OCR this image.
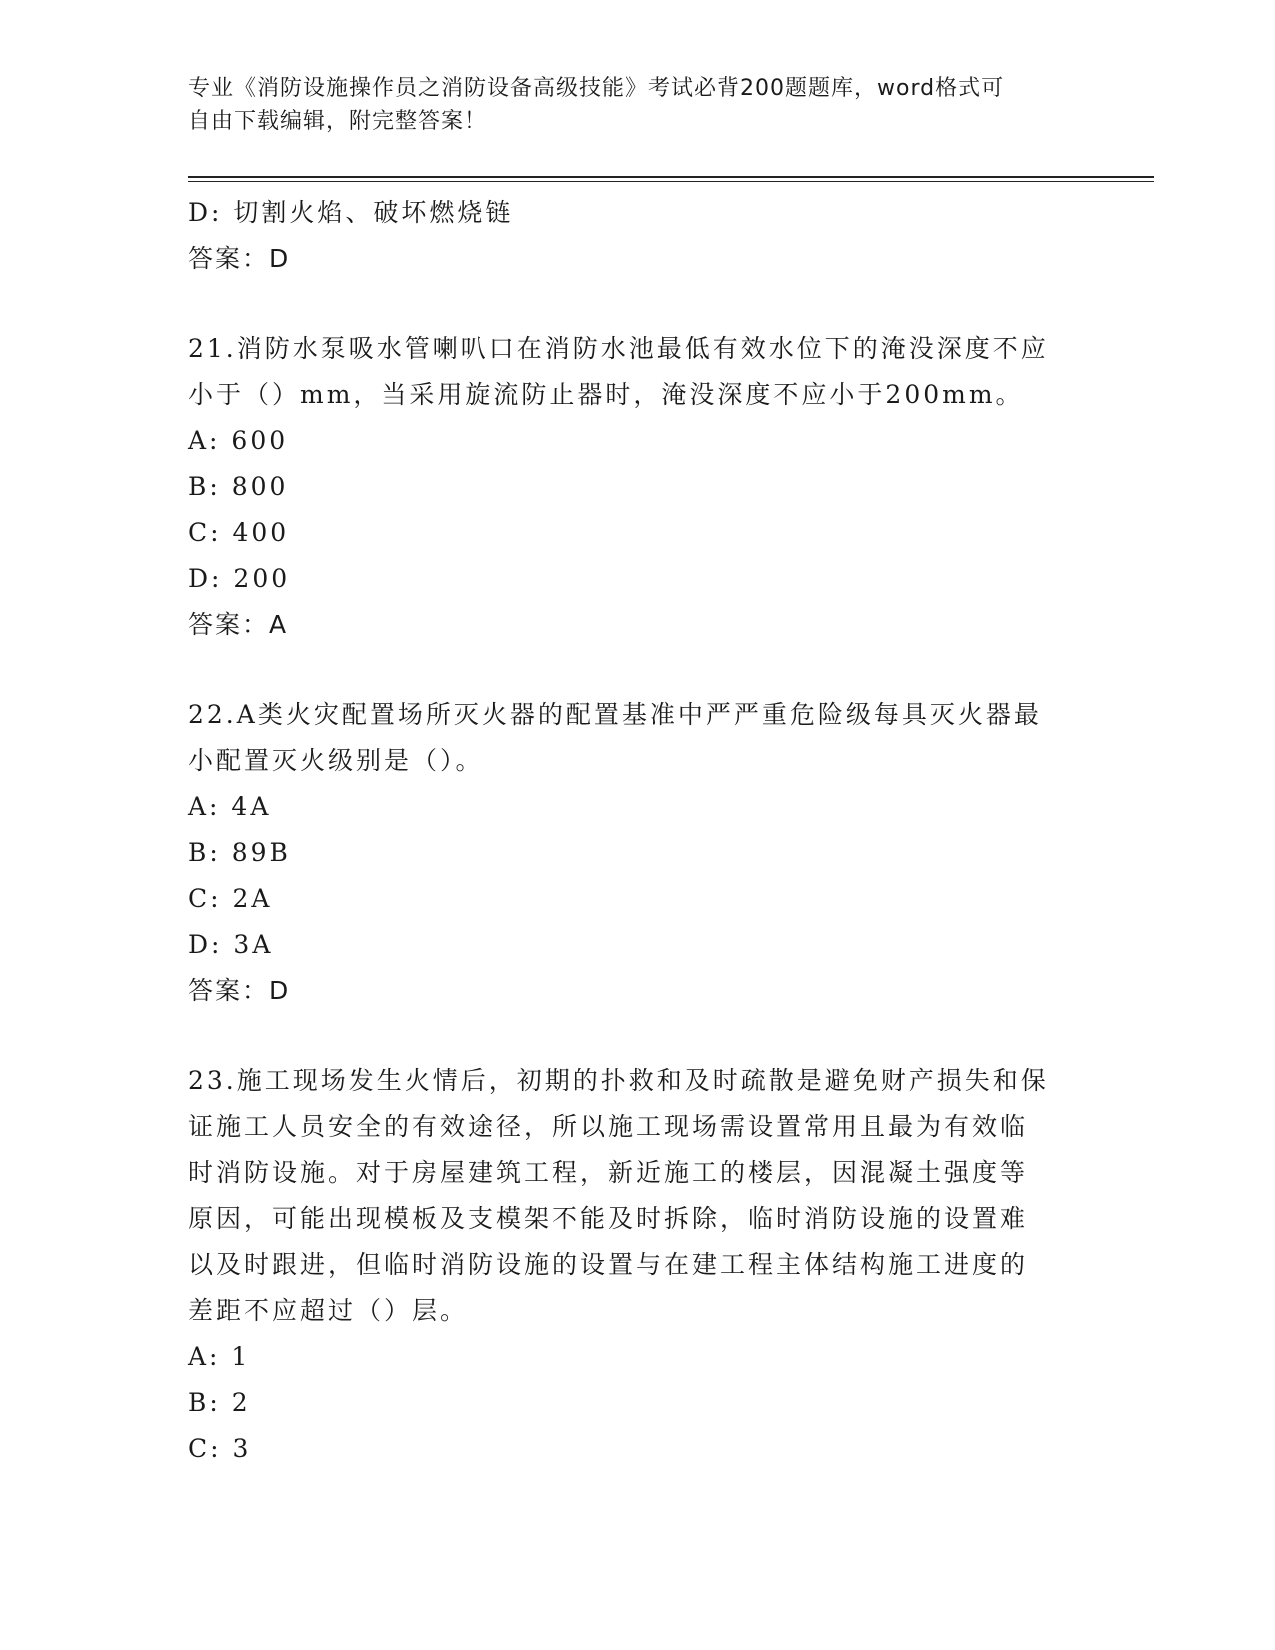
专业《消防设施操作员之消防设备高级技能》考试必背200题题库，word格式可
自由下载编辑，附完整答案！
D: 切割火焰、破坏燃烧链
答案：D
21.消防水泵吸水管喇叭口在消防水池最低有效水位下的淹没深度不应
小于（）mm，当采用旋流防止器时，淹没深度不应小于200mm。
A: 600
B: 800
C: 400
D: 200
答案：A
22.A类火灾配置场所灭火器的配置基准中严严重危险级每具灭火器最
小配置灭火级别是（）。
A: 4A
B: 89B
C: 2A
D: 3A
答案：D
23.施工现场发生火情后，初期的扑救和及时疏散是避免财产损失和保
证施工人员安全的有效途径，所以施工现场需设置常用且最为有效临
时消防设施。对于房屋建筑工程，新近施工的楼层，因混凝土强度等
原因，可能出现模板及支模架不能及时拆除，临时消防设施的设置难
以及时跟进，但临时消防设施的设置与在建工程主体结构施工进度的
差距不应超过（）层。
A: 1
B: 2
C: 3
